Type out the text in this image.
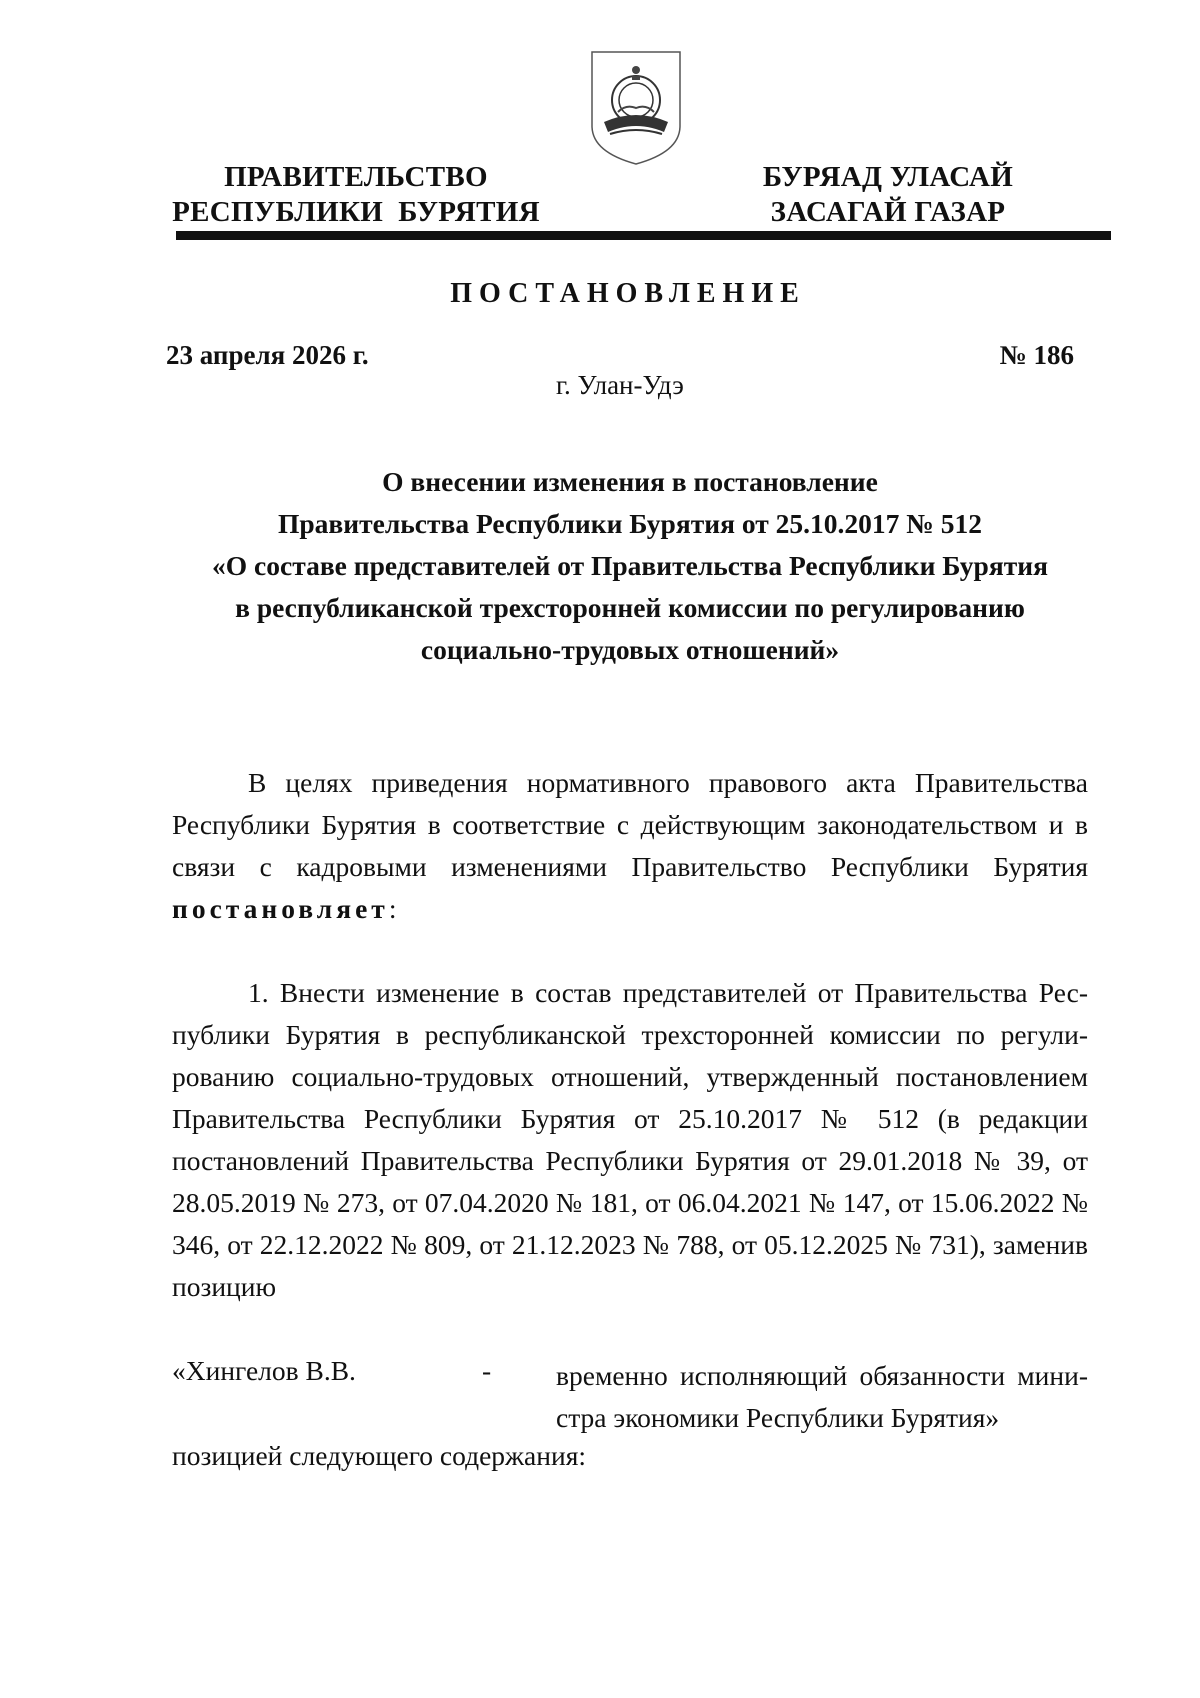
ПРАВИТЕЛЬСТВО
РЕСПУБЛИКИ  БУРЯТИЯ
БУРЯАД УЛАСАЙ
ЗАСАГАЙ ГАЗАР
ПОСТАНОВЛЕНИЕ
23 апреля 2026 г.	№ 186
г. Улан-Удэ
О внесении изменения в постановление
Правительства Республики Бурятия от 25.10.2017 № 512
«О составе представителей от Правительства Республики Бурятия
в республиканской трехсторонней комиссии по регулированию
социально-трудовых отношений»
В целях приведения нормативного правового акта Правительства Республики Бурятия в соответствие с действующим законодательством и в связи с кадровыми изменениями Правительство Республики Бурятия постановляет:
1. Внести изменение в состав представителей от Правительства Республики Бурятия в республиканской трехсторонней комиссии по регулированию социально-трудовых отношений, утвержденный постановлением Правительства Республики Бурятия от 25.10.2017 № 512 (в редакции постановлений Правительства Республики Бурятия от 29.01.2018 № 39, от 28.05.2019 № 273, от 07.04.2020 № 181, от 06.04.2021 № 147, от 15.06.2022 № 346, от 22.12.2022 № 809, от 21.12.2023 № 788, от 05.12.2025 № 731), заменив позицию
«Хингелов В.В.	- временно исполняющий обязанности министра экономики Республики Бурятия»
позицией следующего содержания:
